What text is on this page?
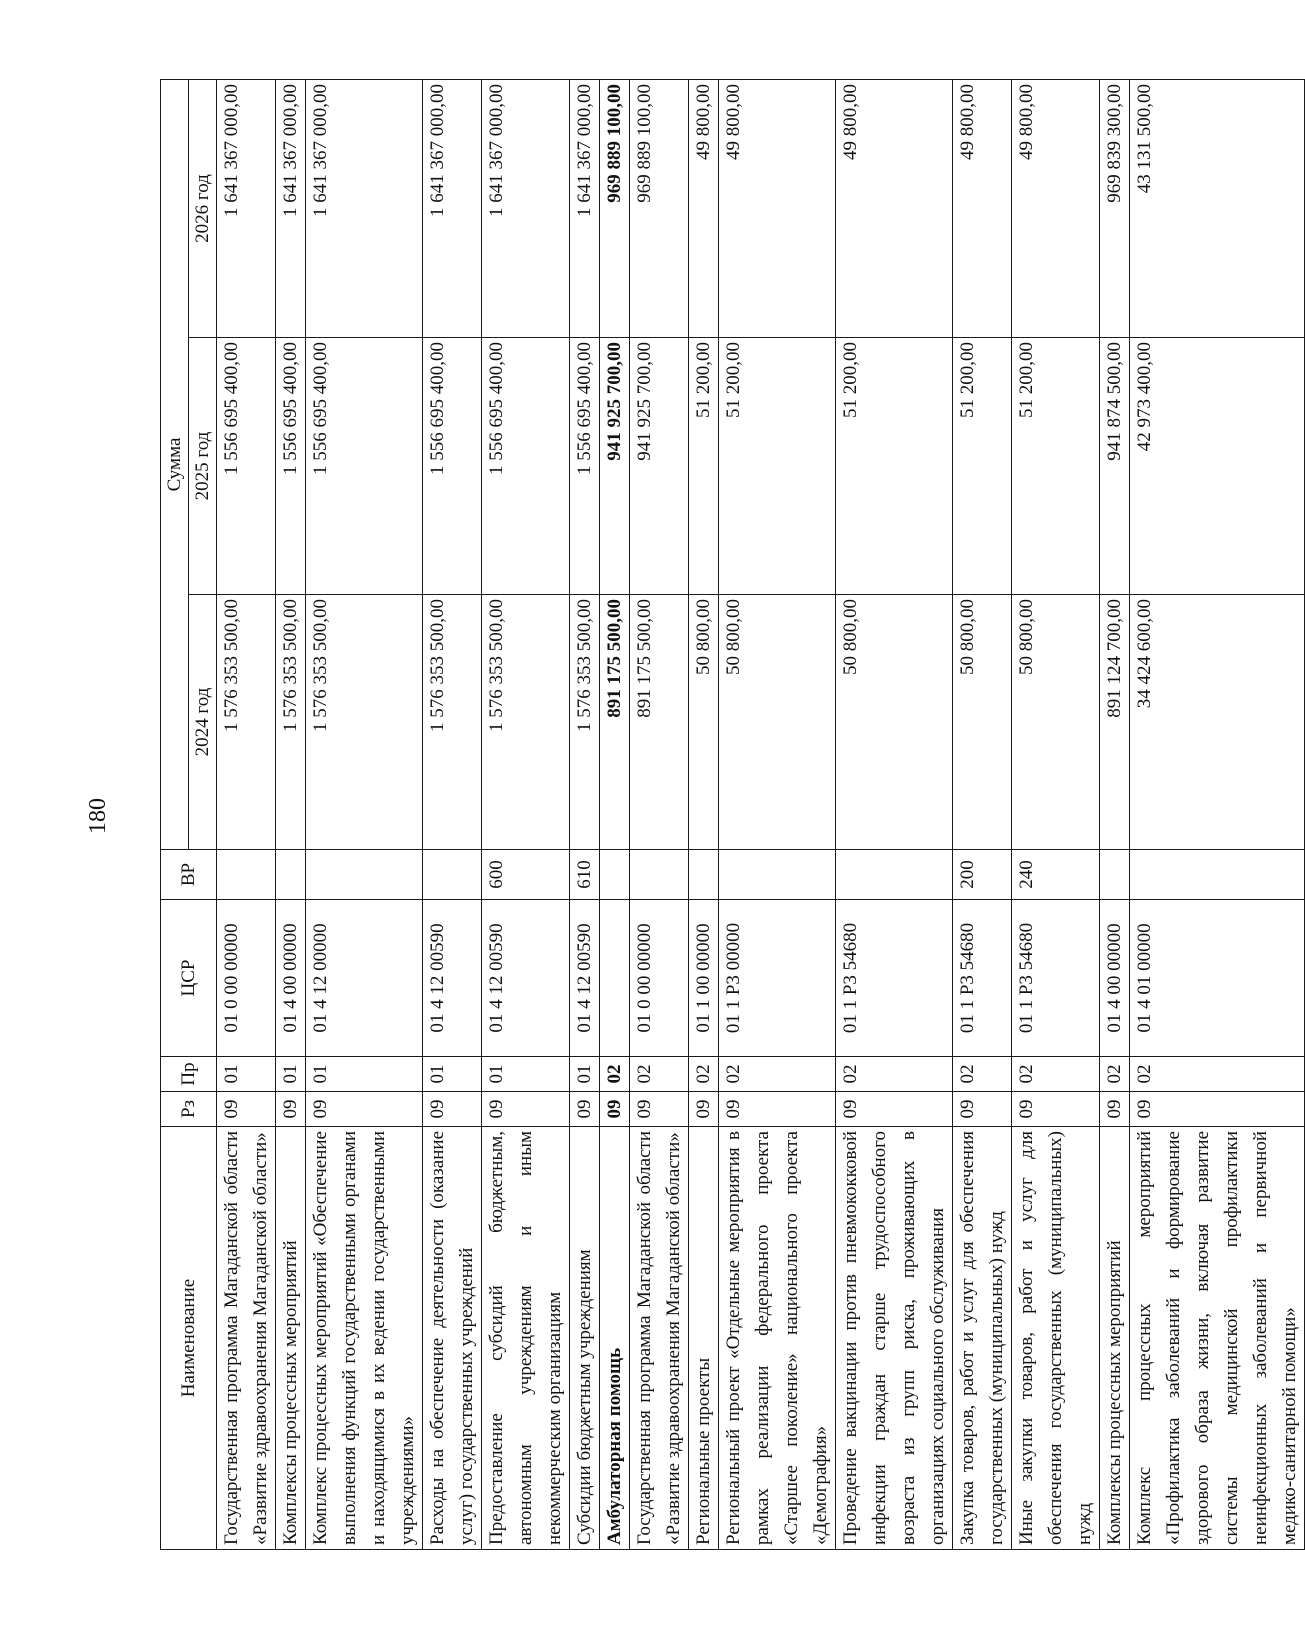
180
Наименование	Рз	Пр	ЦСР	ВР	Сумма		
					2024 год	2025 год	2026 год
Государственная программа Магаданской области «Развитие здравоохранения Магаданской области»	09	01	01 0 00 00000		1 576 353 500,00	1 556 695 400,00	1 641 367 000,00
Комплексы процессных мероприятий	09	01	01 4 00 00000		1 576 353 500,00	1 556 695 400,00	1 641 367 000,00
Комплекс процессных мероприятий «Обеспечение выполнения функций государственными органами и находящимися в их ведении государственными учреждениями»	09	01	01 4 12 00000		1 576 353 500,00	1 556 695 400,00	1 641 367 000,00
Расходы на обеспечение деятельности (оказание услуг) государственных учреждений	09	01	01 4 12 00590		1 576 353 500,00	1 556 695 400,00	1 641 367 000,00
Предоставление субсидий бюджетным, автономным учреждениям и иным некоммерческим организациям	09	01	01 4 12 00590	600	1 576 353 500,00	1 556 695 400,00	1 641 367 000,00
Субсидии бюджетным учреждениям	09	01	01 4 12 00590	610	1 576 353 500,00	1 556 695 400,00	1 641 367 000,00
Амбулаторная помощь	09	02			891 175 500,00	941 925 700,00	969 889 100,00
Государственная программа Магаданской области «Развитие здравоохранения Магаданской области»	09	02	01 0 00 00000		891 175 500,00	941 925 700,00	969 889 100,00
Региональные проекты	09	02	01 1 00 00000		50 800,00	51 200,00	49 800,00
Региональный проект «Отдельные мероприятия в рамках реализации федерального проекта «Старшее поколение» национального проекта «Демография»	09	02	01 1 Р3 00000		50 800,00	51 200,00	49 800,00
Проведение вакцинации против пневмококковой инфекции граждан старше трудоспособного возраста из групп риска, проживающих в организациях социального обслуживания	09	02	01 1 Р3 54680		50 800,00	51 200,00	49 800,00
Закупка товаров, работ и услуг для обеспечения государственных (муниципальных) нужд	09	02	01 1 Р3 54680	200	50 800,00	51 200,00	49 800,00
Иные закупки товаров, работ и услуг для обеспечения государственных (муниципальных) нужд	09	02	01 1 Р3 54680	240	50 800,00	51 200,00	49 800,00
Комплексы процессных мероприятий	09	02	01 4 00 00000		891 124 700,00	941 874 500,00	969 839 300,00
Комплекс процессных мероприятий «Профилактика заболеваний и формирование здорового образа жизни, включая развитие системы медицинской профилактики неинфекционных заболеваний и первичной медико-санитарной помощи»	09	02	01 4 01 00000		34 424 600,00	42 973 400,00	43 131 500,00
